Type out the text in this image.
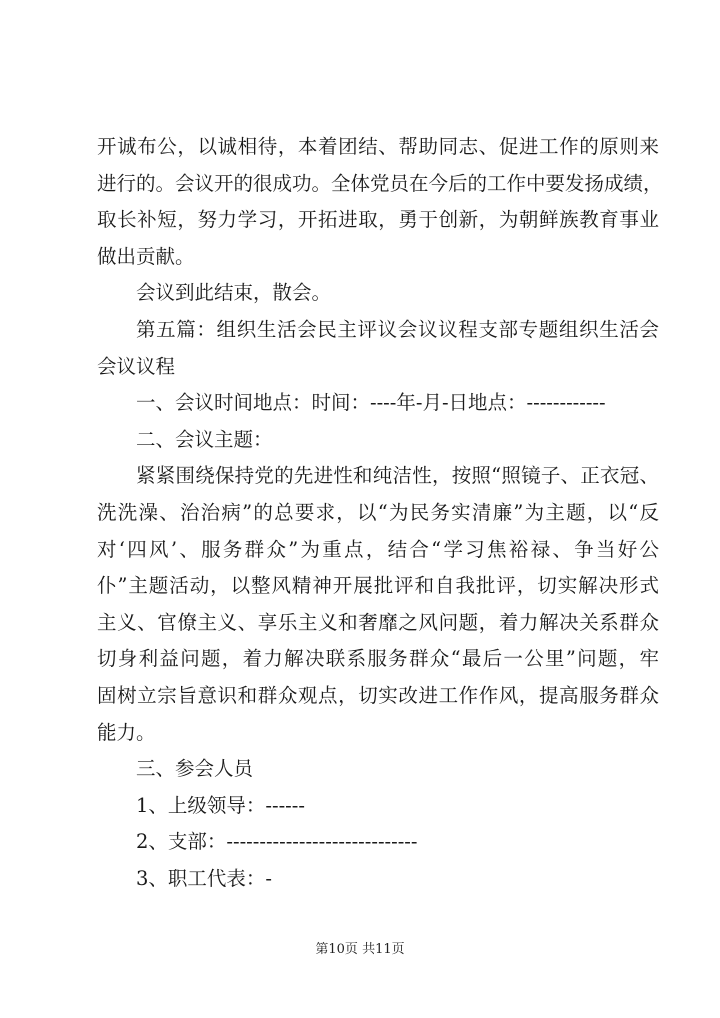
开诚布公，以诚相待，本着团结、帮助同志、促进工作的原则来
进行的。会议开的很成功。全体党员在今后的工作中要发扬成绩，
取长补短，努力学习，开拓进取，勇于创新，为朝鲜族教育事业
做出贡献。
会议到此结束，散会。
第五篇：组织生活会民主评议会议议程支部专题组织生活会
会议议程
一、会议时间地点：时间：----年-月-日地点：------------
二、会议主题：
紧紧围绕保持党的先进性和纯洁性，按照“照镜子、正衣冠、
洗洗澡、治治病”的总要求，以“为民务实清廉”为主题，以“反
对‘四风’、服务群众”为重点，结合“学习焦裕禄、争当好公
仆”主题活动，以整风精神开展批评和自我批评，切实解决形式
主义、官僚主义、享乐主义和奢靡之风问题，着力解决关系群众
切身利益问题，着力解决联系服务群众“最后一公里”问题，牢
固树立宗旨意识和群众观点，切实改进工作作风，提高服务群众
能力。
三、参会人员
1、上级领导：------
2、支部：-----------------------------
3、职工代表：-
第10页 共11页
